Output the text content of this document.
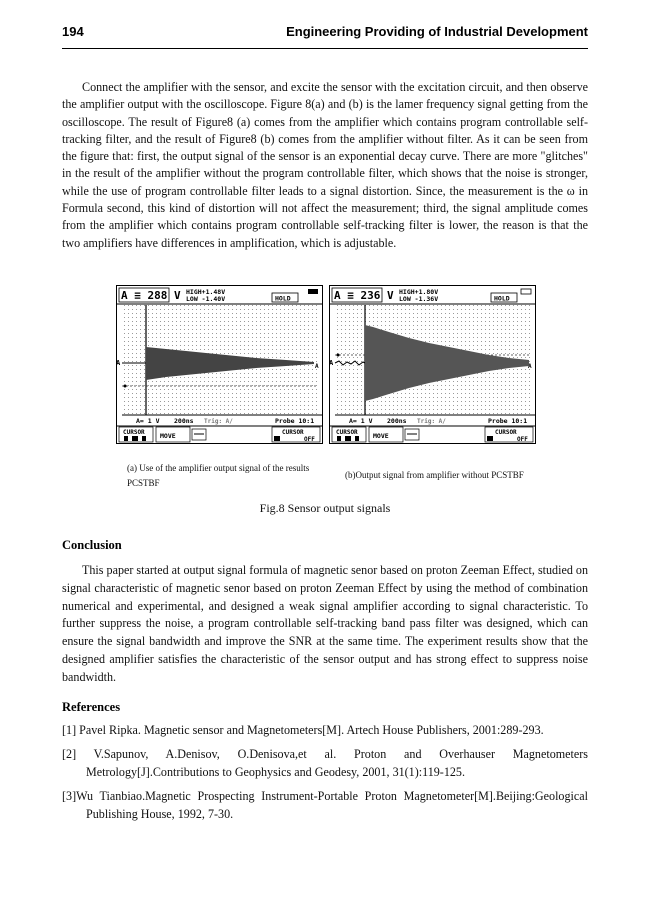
194	Engineering Providing of Industrial Development

Connect the amplifier with the sensor, and excite the sensor with the excitation circuit, and then observe the amplifier output with the oscilloscope. Figure 8(a) and (b) is the lamer frequency signal getting from the oscilloscope. The result of Figure8 (a) comes from the amplifier which contains program controllable self-tracking filter, and the result of Figure8 (b) comes from the amplifier without filter. As it can be seen from the figure that: first, the output signal of the sensor is an exponential decay curve. There are more "glitches" in the result of the amplifier without the program controllable filter, which shows that the noise is stronger, while the use of program controllable filter leads to a signal distortion. Since, the measurement is the ω in Formula second, this kind of distortion will not affect the measurement; third, the signal amplitude comes from the amplifier which contains program controllable self-tracking filter is lower, the reason is that the two amplifiers have differences in amplification, which is adjustable.

A ≡ 288 V HIGH+1.48V
LOW -1.40V	HOLD
A	A
A= 1 V 200ns Trig: A/	Probe 10:1
CURSOR MOVE	CURSOR
OFF
A ≡ 236 V HIGH+1.80V
LOW -1.36V	HOLD
A	A
A= 1 V 200ns Trig: A/	Probe 10:1
CURSOR MOVE	CURSOR
OFF
(a) Use of the amplifier output signal of the results PCSTBF
(b)Output signal from amplifier without PCSTBF
Fig.8 Sensor output signals
Conclusion

This paper started at output signal formula of magnetic senor based on proton Zeeman Effect, studied on signal characteristic of magnetic senor based on proton Zeeman Effect by using the method of combination numerical and experimental, and designed a weak signal amplifier according to signal characteristic. To further suppress the noise, a program controllable self-tracking band pass filter was designed, which can ensure the signal bandwidth and improve the SNR at the same time. The experiment results show that the designed amplifier satisfies the characteristic of the sensor output and has strong effect to suppress noise bandwidth.

References
[1] Pavel Ripka. Magnetic sensor and Magnetometers[M]. Artech House Publishers, 2001:289-293.
[2] V.Sapunov, A.Denisov, O.Denisova,et al. Proton and Overhauser Magnetometers Metrology[J].Contributions to Geophysics and Geodesy, 2001, 31(1):119-125.
[3]Wu Tianbiao.Magnetic Prospecting Instrument-Portable Proton Magnetometer[M].Beijing:Geological Publishing House, 1992, 7-30.
